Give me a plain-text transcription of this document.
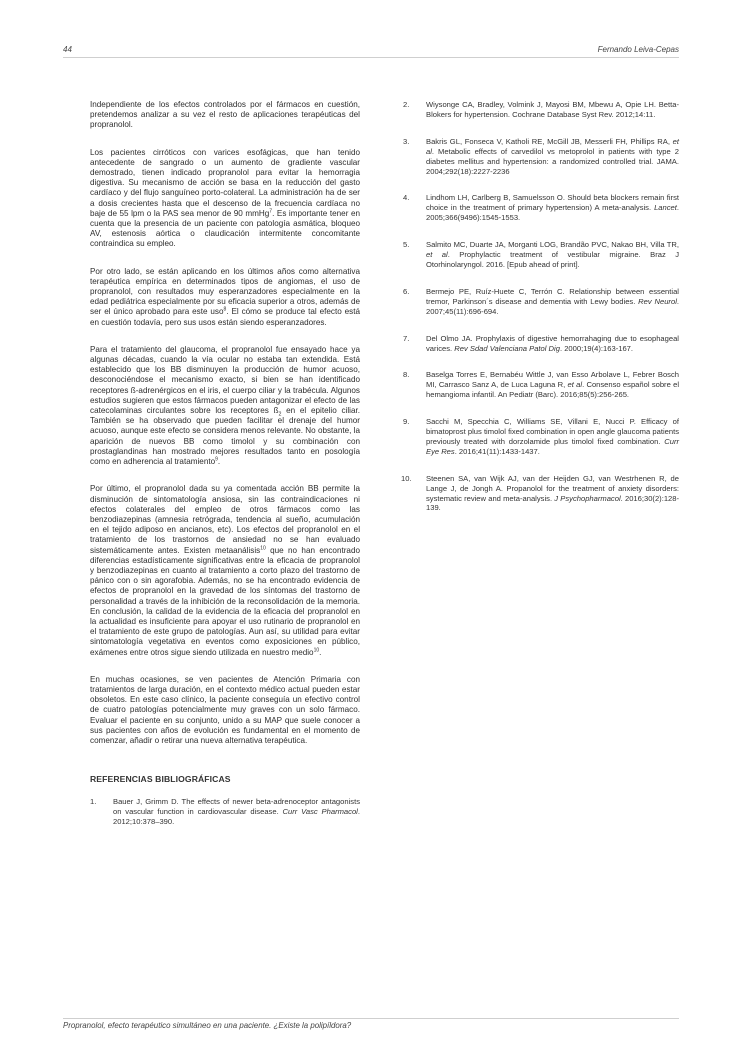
44	Fernando Leiva-Cepas

Independiente de los efectos controlados por el fármacos en cuestión, pretendemos analizar a su vez el resto de aplicaciones terapéuticas del propranolol.

Los pacientes cirróticos con varices esofágicas, que han tenido antecedente de sangrado o un aumento de gradiente vascular demostrado, tienen indicado propranolol para evitar la hemorragia digestiva. Su mecanismo de acción se basa en la reducción del gasto cardíaco y del flujo sanguíneo porto-colateral. La administración ha de ser a dosis crecientes hasta que el descenso de la frecuencia cardíaca no baje de 55 lpm o la PAS sea menor de 90 mmHg$^7$. Es importante tener en cuenta que la presencia de un paciente con patología asmática, bloqueo AV, estenosis aórtica o claudicación intermitente concomitante contraindica su empleo.

Por otro lado, se están aplicando en los últimos años como alternativa terapéutica empírica en determinados tipos de angiomas, el uso de propranolol, con resultados muy esperanzadores especialmente en la edad pediátrica especialmente por su eficacia superior a otros, además de ser el único aprobado para este uso$^8$. El cómo se produce tal efecto está en cuestión todavía, pero sus usos están siendo esperanzadores.

Para el tratamiento del glaucoma, el propranolol fue ensayado hace ya algunas décadas, cuando la vía ocular no estaba tan extendida. Está establecido que los BB disminuyen la producción de humor acuoso, desconociéndose el mecanismo exacto, si bien se han identificado receptores ß-adrenérgicos en el iris, el cuerpo ciliar y la trabécula. Algunos estudios sugieren que estos fármacos pueden antagonizar el efecto de las catecolaminas circulantes sobre los receptores $ß_2$ en el epitelio ciliar. También se ha observado que pueden facilitar el drenaje del humor acuoso, aunque este efecto se considera menos relevante. No obstante, la aparición de nuevos BB como timolol y su combinación con prostaglandinas han mostrado mejores resultados tanto en posología como en adherencia al tratamiento$^9$.

Por último, el propranolol dada su ya comentada acción BB permite la disminución de sintomatología ansiosa, sin las contraindicaciones ni efectos colaterales del empleo de otros fármacos como las benzodiazepinas (amnesia retrógrada, tendencia al sueño, acumulación en el tejido adiposo en ancianos, etc). Los efectos del propranolol en el tratamiento de los trastornos de ansiedad no se han evaluado sistemáticamente antes. Existen metaanálisis$^{10}$ que no han encontrado diferencias estadísticamente significativas entre la eficacia de propranolol y benzodiazepinas en cuanto al tratamiento a corto plazo del trastorno de pánico con o sin agorafobia. Además, no se ha encontrado evidencia de efectos de propranolol en la gravedad de los síntomas del trastorno de personalidad a través de la inhibición de la reconsolidación de la memoria. En conclusión, la calidad de la evidencia de la eficacia del propranolol en la actualidad es insuficiente para apoyar el uso rutinario de propranolol en el tratamiento de este grupo de patologías. Aun así, su utilidad para evitar sintomatología vegetativa en eventos como exposiciones en público, exámenes entre otros sigue siendo utilizada en nuestro medio$^{10}$.

En muchas ocasiones, se ven pacientes de Atención Primaria con tratamientos de larga duración, en el contexto médico actual pueden estar obsoletos. En este caso clínico, la paciente conseguía un efectivo control de cuatro patologías potencialmente muy graves con un solo fármaco. Evaluar el paciente en su conjunto, unido a su MAP que suele conocer a sus pacientes con años de evolución es fundamental en el momento de comenzar, añadir o retirar una nueva alternativa terapéutica.

REFERENCIAS BIBLIOGRÁFICAS
1.	Bauer J, Grimm D. The effects of newer beta-adrenoceptor antagonists on vascular function in cardiovascular disease. Curr Vasc Pharmacol. 2012;10:378–390.
2.	Wiysonge CA, Bradley, Volmink J, Mayosi BM, Mbewu A, Opie LH. Betta- Blokers for hypertension. Cochrane Database Syst Rev. 2012;14:11.
3.	Bakris GL, Fonseca V, Katholi RE, McGill JB, Messerli FH, Phillips RA, et al. Metabolic effects of carvedilol vs metoprolol in patients with type 2 diabetes mellitus and hypertension: a randomized controlled trial. JAMA. 2004;292(18):2227-2236
4.	Lindhom LH, Carlberg B, Samuelsson O. Should beta blockers remain first choice in the treatment of primary hypertension) A meta-analysis. Lancet. 2005;366(9496):1545-1553.
5.	Salmito MC, Duarte JA, Morganti LOG, Brandão PVC, Nakao BH, Villa TR, et al. Prophylactic treatment of vestibular migraine. Braz J Otorhinolaryngol. 2016. [Epub ahead of print].
6.	Bermejo PE, Ruíz-Huete C, Terrón C. Relationship between essential tremor, Parkinson´s disease and dementia with Lewy bodies. Rev Neurol. 2007;45(11):696-694.
7.	Del Olmo JA. Prophylaxis of digestive hemorrahaging due to esophageal varices. Rev Sdad Valenciana Patol Dig. 2000;19(4):163-167.
8.	Baselga Torres E, Bernabéu Wittle J, van Esso Arbolave L, Febrer Bosch MI, Carrasco Sanz A, de Luca Laguna R, et al. Consenso español sobre el hemangioma infantil. An Pediatr (Barc). 2016;85(5):256-265.
9.	Sacchi M, Specchia C, Williams SE, Villani E, Nucci P. Efficacy of bimatoprost plus timolol fixed combination in open angle glaucoma patients previously treated with dorzolamide plus timolol fixed combination. Curr Eye Res. 2016;41(11):1433-1437.
10.	Steenen SA, van Wijk AJ, van der Heijden GJ, van Westrhenen R, de Lange J, de Jongh A. Propanolol for the treatment of anxiety disorders: systematic review and meta-analysis. J Psychopharmacol. 2016;30(2):128-139.
Propranolol, efecto terapéutico simultáneo en una paciente. ¿Existe la polipíldora?
